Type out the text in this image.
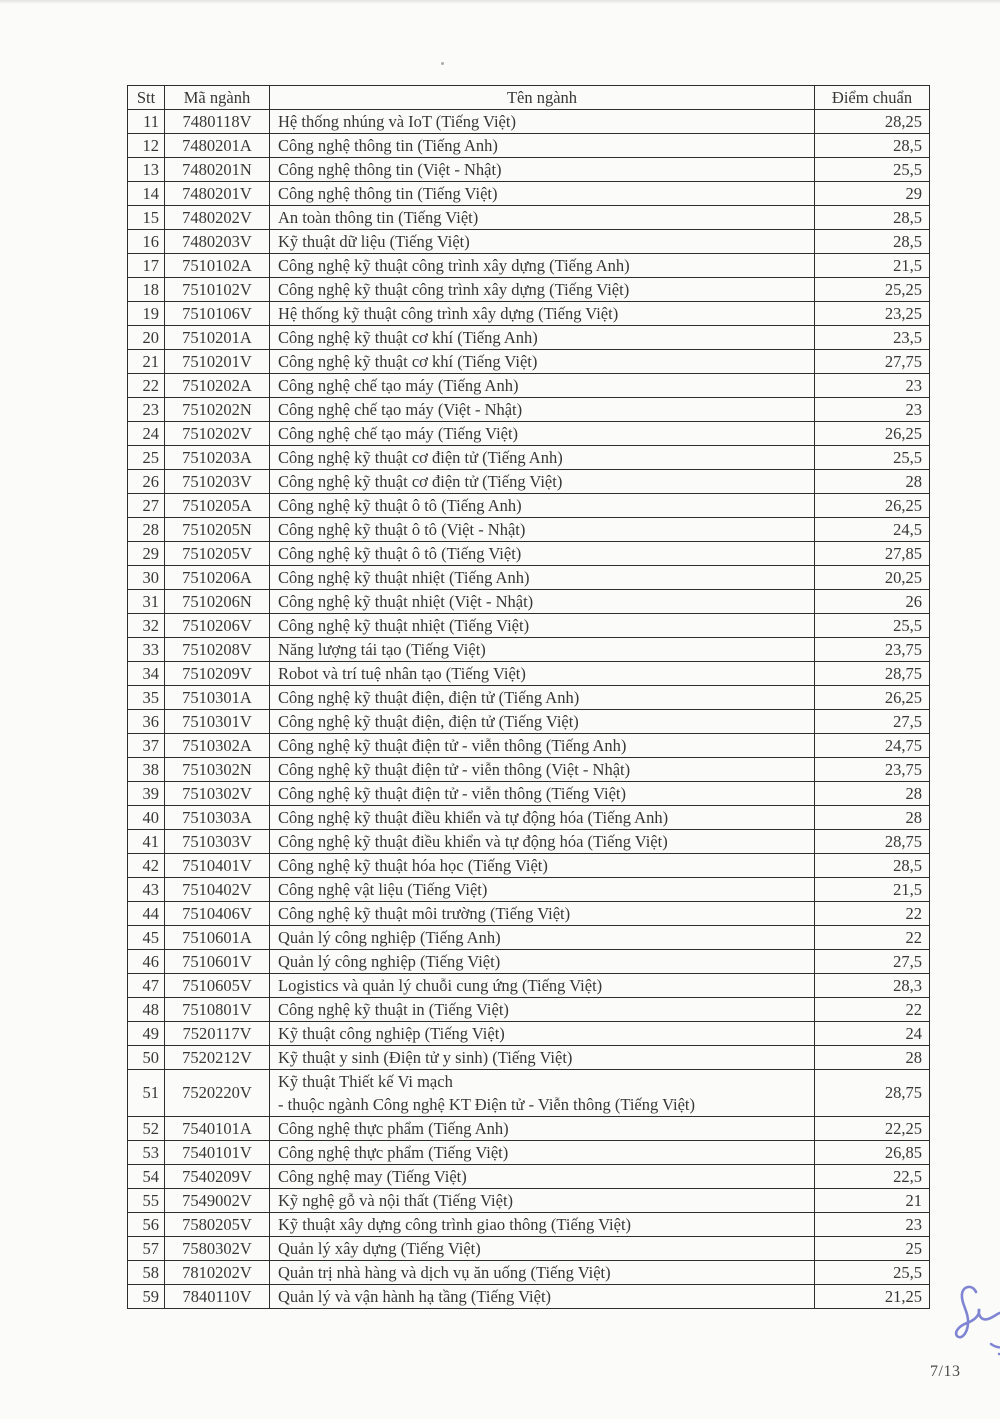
Stt	Mã ngành	Tên ngành	Điểm chuẩn
11	7480118V	Hệ thống nhúng và IoT (Tiếng Việt)	28,25
12	7480201A	Công nghệ thông tin (Tiếng Anh)	28,5
13	7480201N	Công nghệ thông tin (Việt - Nhật)	25,5
14	7480201V	Công nghệ thông tin (Tiếng Việt)	29
15	7480202V	An toàn thông tin (Tiếng Việt)	28,5
16	7480203V	Kỹ thuật dữ liệu (Tiếng Việt)	28,5
17	7510102A	Công nghệ kỹ thuật công trình xây dựng (Tiếng Anh)	21,5
18	7510102V	Công nghệ kỹ thuật công trình xây dựng (Tiếng Việt)	25,25
19	7510106V	Hệ thống kỹ thuật công trình xây dựng (Tiếng Việt)	23,25
20	7510201A	Công nghệ kỹ thuật cơ khí (Tiếng Anh)	23,5
21	7510201V	Công nghệ kỹ thuật cơ khí (Tiếng Việt)	27,75
22	7510202A	Công nghệ chế tạo máy (Tiếng Anh)	23
23	7510202N	Công nghệ chế tạo máy (Việt - Nhật)	23
24	7510202V	Công nghệ chế tạo máy (Tiếng Việt)	26,25
25	7510203A	Công nghệ kỹ thuật cơ điện tử (Tiếng Anh)	25,5
26	7510203V	Công nghệ kỹ thuật cơ điện tử (Tiếng Việt)	28
27	7510205A	Công nghệ kỹ thuật ô tô (Tiếng Anh)	26,25
28	7510205N	Công nghệ kỹ thuật ô tô (Việt - Nhật)	24,5
29	7510205V	Công nghệ kỹ thuật ô tô (Tiếng Việt)	27,85
30	7510206A	Công nghệ kỹ thuật nhiệt (Tiếng Anh)	20,25
31	7510206N	Công nghệ kỹ thuật nhiệt (Việt - Nhật)	26
32	7510206V	Công nghệ kỹ thuật nhiệt (Tiếng Việt)	25,5
33	7510208V	Năng lượng tái tạo (Tiếng Việt)	23,75
34	7510209V	Robot và trí tuệ nhân tạo (Tiếng Việt)	28,75
35	7510301A	Công nghệ kỹ thuật điện, điện tử (Tiếng Anh)	26,25
36	7510301V	Công nghệ kỹ thuật điện, điện tử (Tiếng Việt)	27,5
37	7510302A	Công nghệ kỹ thuật điện tử - viễn thông (Tiếng Anh)	24,75
38	7510302N	Công nghệ kỹ thuật điện tử - viễn thông (Việt - Nhật)	23,75
39	7510302V	Công nghệ kỹ thuật điện tử - viễn thông (Tiếng Việt)	28
40	7510303A	Công nghệ kỹ thuật điều khiển và tự động hóa (Tiếng Anh)	28
41	7510303V	Công nghệ kỹ thuật điều khiển và tự động hóa (Tiếng Việt)	28,75
42	7510401V	Công nghệ kỹ thuật hóa học (Tiếng Việt)	28,5
43	7510402V	Công nghệ vật liệu (Tiếng Việt)	21,5
44	7510406V	Công nghệ kỹ thuật môi trường (Tiếng Việt)	22
45	7510601A	Quản lý công nghiệp (Tiếng Anh)	22
46	7510601V	Quản lý công nghiệp (Tiếng Việt)	27,5
47	7510605V	Logistics và quản lý chuỗi cung ứng (Tiếng Việt)	28,3
48	7510801V	Công nghệ kỹ thuật in (Tiếng Việt)	22
49	7520117V	Kỹ thuật công nghiệp (Tiếng Việt)	24
50	7520212V	Kỹ thuật y sinh (Điện tử y sinh) (Tiếng Việt)	28
51	7520220V	Kỹ thuật Thiết kế Vi mạch
- thuộc ngành Công nghệ KT Điện tử - Viễn thông (Tiếng Việt)	28,75
52	7540101A	Công nghệ thực phẩm (Tiếng Anh)	22,25
53	7540101V	Công nghệ thực phẩm (Tiếng Việt)	26,85
54	7540209V	Công nghệ may (Tiếng Việt)	22,5
55	7549002V	Kỹ nghệ gỗ và nội thất (Tiếng Việt)	21
56	7580205V	Kỹ thuật xây dựng công trình giao thông (Tiếng Việt)	23
57	7580302V	Quản lý xây dựng (Tiếng Việt)	25
58	7810202V	Quản trị nhà hàng và dịch vụ ăn uống (Tiếng Việt)	25,5
59	7840110V	Quản lý và vận hành hạ tầng (Tiếng Việt)	21,25
7/13
